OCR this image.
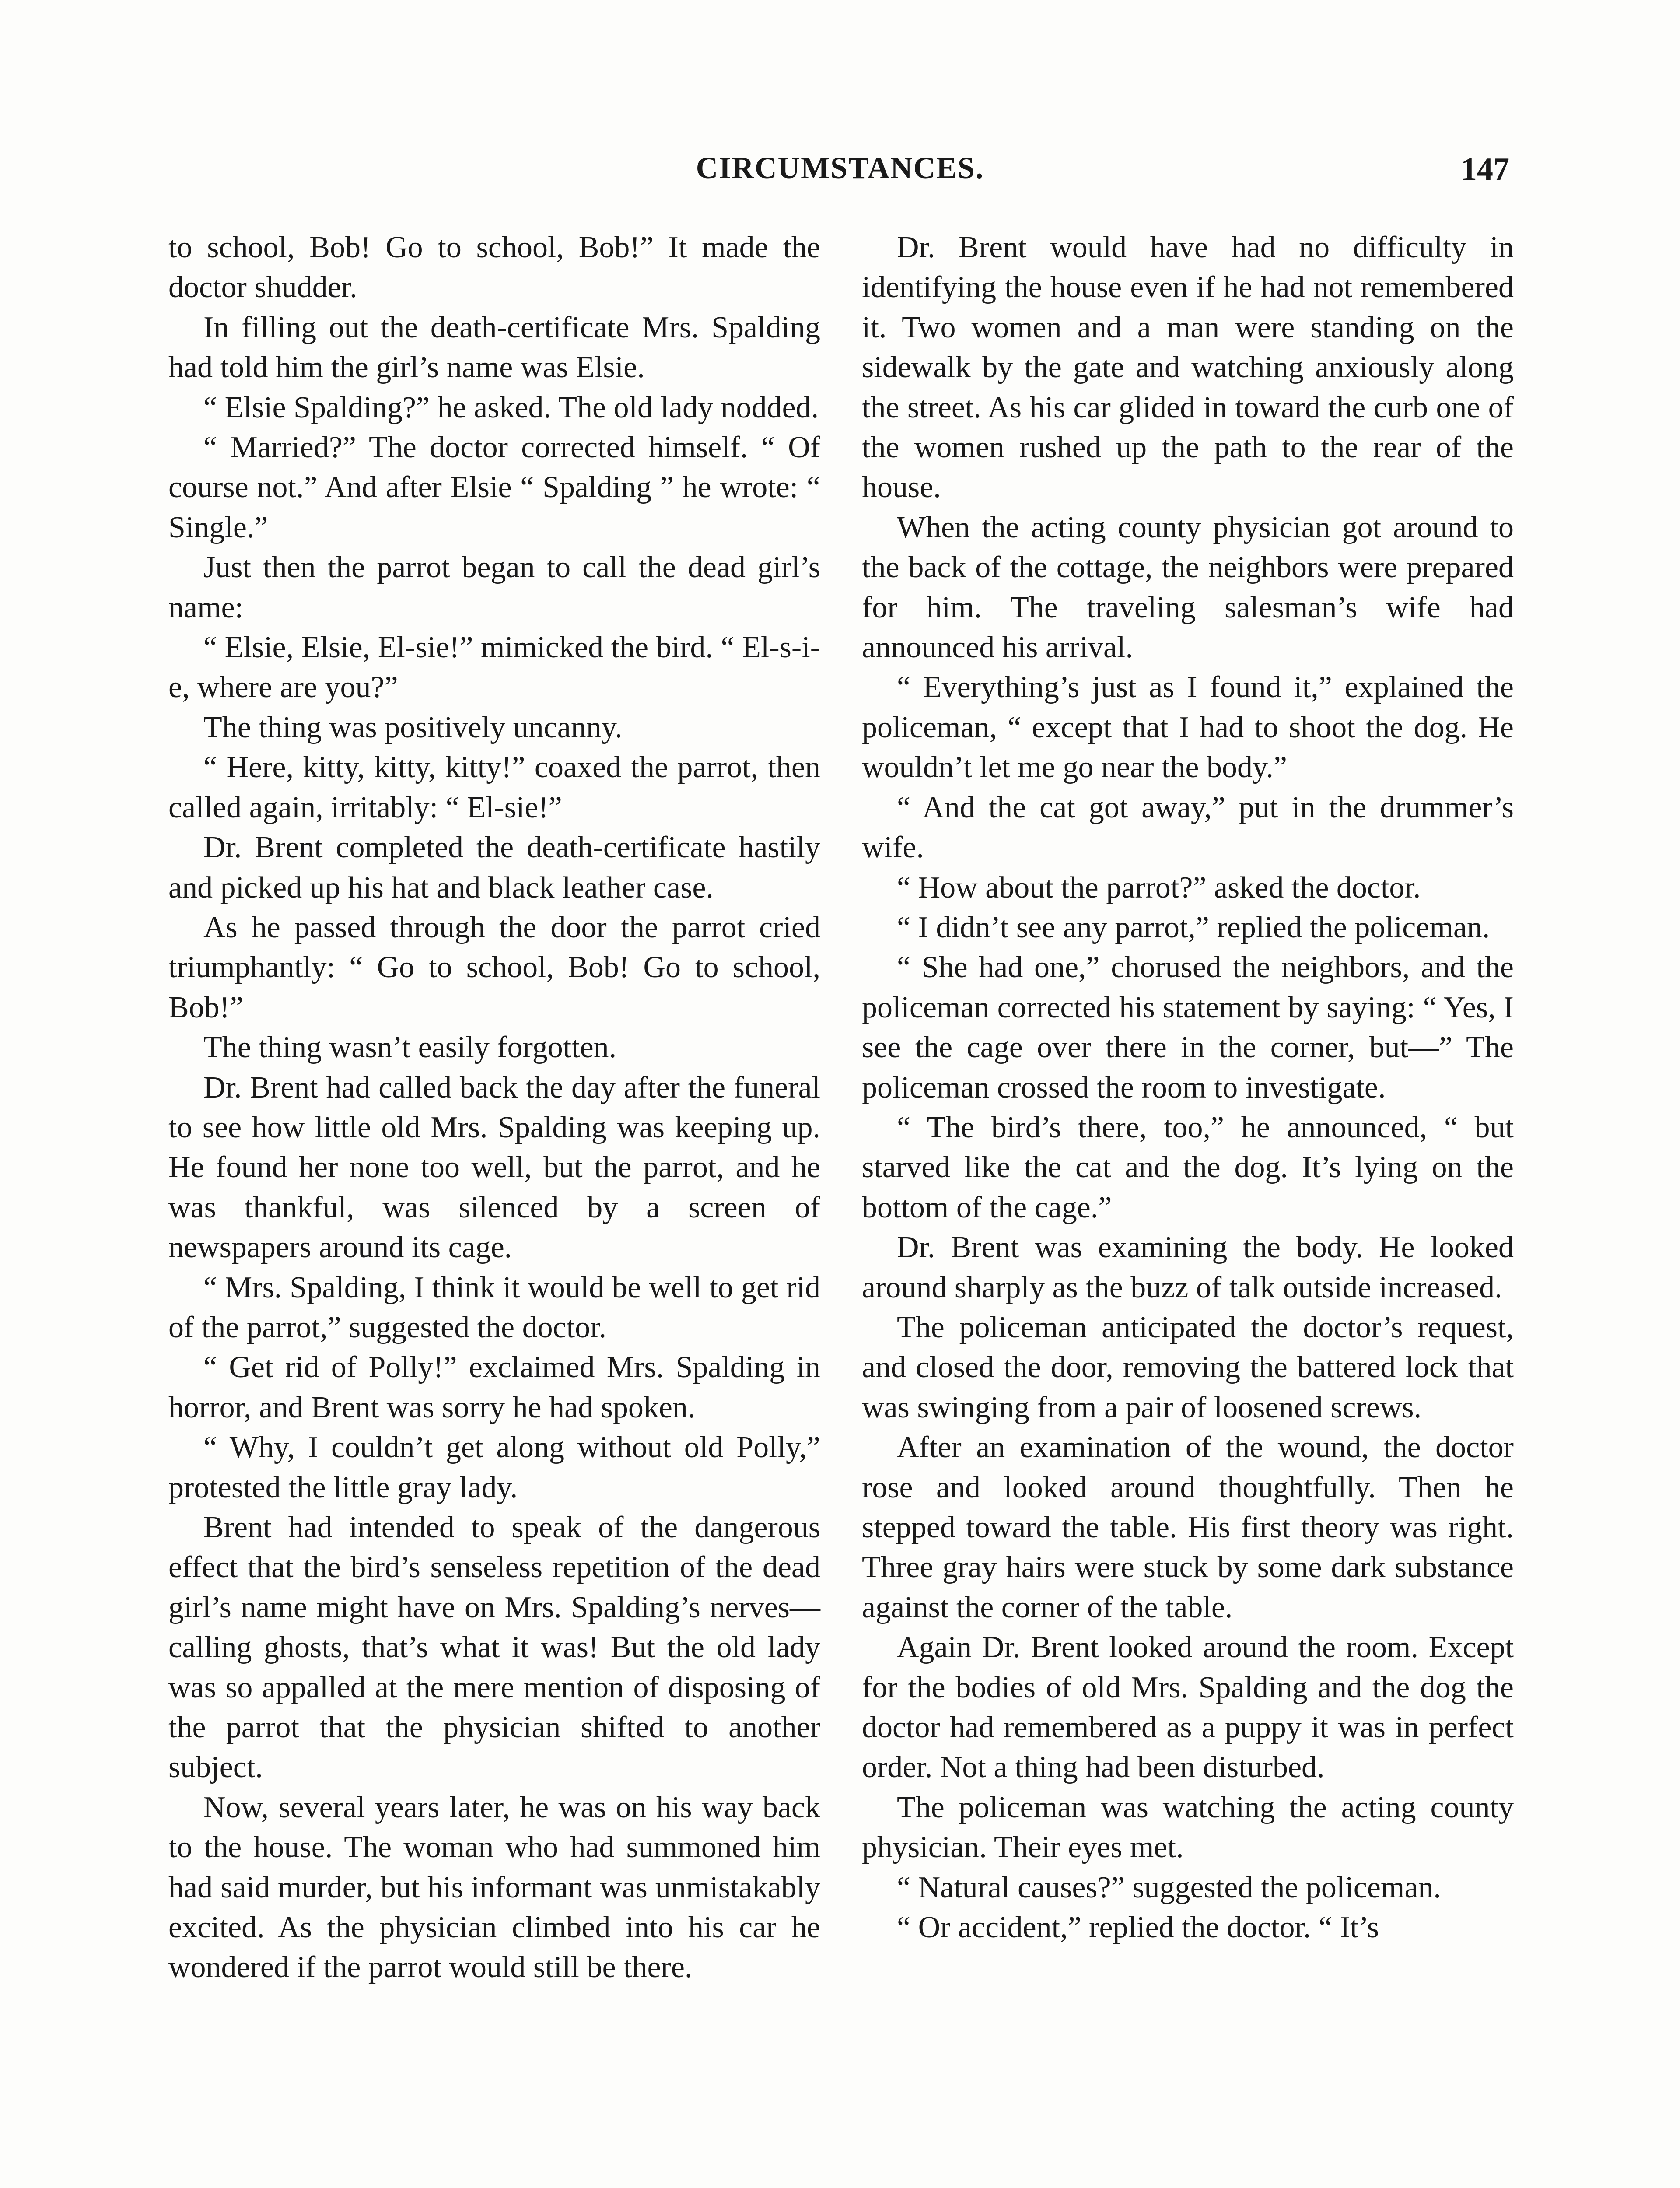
CIRCUMSTANCES.	147

to school, Bob! Go to school, Bob!” It made the doctor shudder.

In filling out the death-certificate Mrs. Spalding had told him the girl’s name was Elsie.

“ Elsie Spalding?” he asked. The old lady nodded.

“ Married?” The doctor corrected himself. “ Of course not.” And after Elsie “ Spalding ” he wrote: “ Single.”

Just then the parrot began to call the dead girl’s name:

“ Elsie, Elsie, El-sie!” mimicked the bird. “ El-s-i-e, where are you?”

The thing was positively uncanny.

“ Here, kitty, kitty, kitty!” coaxed the parrot, then called again, irritably: “ El-sie!”

Dr. Brent completed the death-certificate hastily and picked up his hat and black leather case.

As he passed through the door the parrot cried triumphantly: “ Go to school, Bob! Go to school, Bob!”

The thing wasn’t easily forgotten.

Dr. Brent had called back the day after the funeral to see how little old Mrs. Spalding was keeping up. He found her none too well, but the parrot, and he was thankful, was silenced by a screen of newspapers around its cage.

“ Mrs. Spalding, I think it would be well to get rid of the parrot,” suggested the doctor.

“ Get rid of Polly!” exclaimed Mrs. Spalding in horror, and Brent was sorry he had spoken.

“ Why, I couldn’t get along without old Polly,” protested the little gray lady.

Brent had intended to speak of the dangerous effect that the bird’s senseless repetition of the dead girl’s name might have on Mrs. Spalding’s nerves—calling ghosts, that’s what it was! But the old lady was so appalled at the mere mention of disposing of the parrot that the physician shifted to another subject.

Now, several years later, he was on his way back to the house. The woman who had summoned him had said murder, but his informant was unmistakably excited. As the physician climbed into his car he wondered if the parrot would still be there.

Dr. Brent would have had no difficulty in identifying the house even if he had not remembered it. Two women and a man were standing on the sidewalk by the gate and watching anxiously along the street. As his car glided in toward the curb one of the women rushed up the path to the rear of the house.

When the acting county physician got around to the back of the cottage, the neighbors were prepared for him. The traveling salesman’s wife had announced his arrival.

“ Everything’s just as I found it,” explained the policeman, “ except that I had to shoot the dog. He wouldn’t let me go near the body.”

“ And the cat got away,” put in the drummer’s wife.

“ How about the parrot?” asked the doctor.

“ I didn’t see any parrot,” replied the policeman.

“ She had one,” chorused the neighbors, and the policeman corrected his statement by saying: “ Yes, I see the cage over there in the corner, but—” The policeman crossed the room to investigate.

“ The bird’s there, too,” he announced, “ but starved like the cat and the dog. It’s lying on the bottom of the cage.”

Dr. Brent was examining the body. He looked around sharply as the buzz of talk outside increased.

The policeman anticipated the doctor’s request, and closed the door, removing the battered lock that was swinging from a pair of loosened screws.

After an examination of the wound, the doctor rose and looked around thoughtfully. Then he stepped toward the table. His first theory was right. Three gray hairs were stuck by some dark substance against the corner of the table.

Again Dr. Brent looked around the room. Except for the bodies of old Mrs. Spalding and the dog the doctor had remembered as a puppy it was in perfect order. Not a thing had been disturbed.

The policeman was watching the acting county physician. Their eyes met.

“ Natural causes?” suggested the policeman.

“ Or accident,” replied the doctor. “ It’s
